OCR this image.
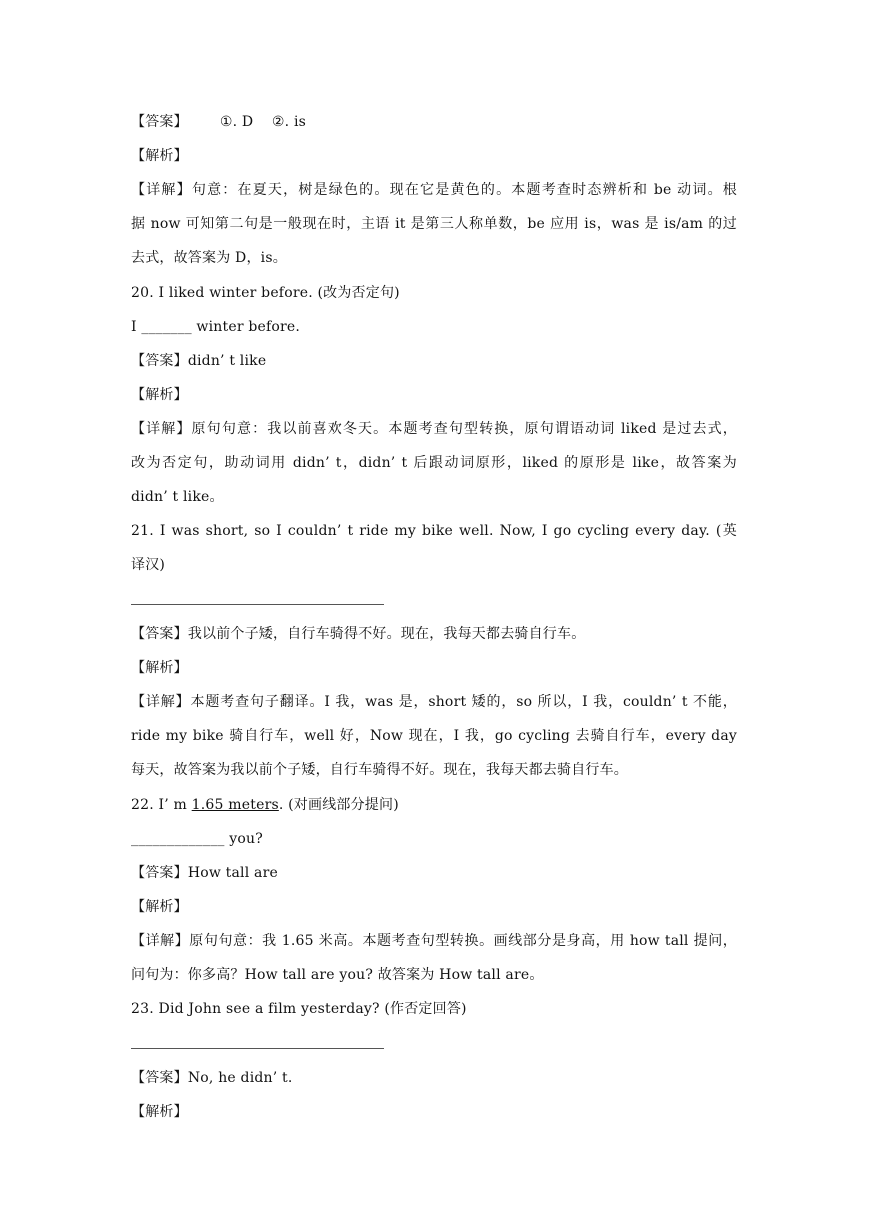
【答案】 ①. D    ②. is
【解析】
【详解】句意：在夏天，树是绿色的。现在它是黄色的。本题考查时态辨析和 be 动词。根
据 now 可知第二句是一般现在时，主语 it 是第三人称单数，be 应用 is，was 是 is/am 的过
去式，故答案为 D，is。
20. I liked winter before. (改为否定句)
I _______ winter before.
【答案】didn’ t like
【解析】
【详解】原句句意：我以前喜欢冬天。本题考查句型转换，原句谓语动词 liked 是过去式，
改为否定句，助动词用 didn’ t，didn’ t 后跟动词原形，liked 的原形是 like，故答案为
didn’ t like。
21. I was short, so I couldn’ t ride my bike well. Now, I go cycling every day. (英
译汉)
【答案】我以前个子矮，自行车骑得不好。现在，我每天都去骑自行车。
【解析】
【详解】本题考查句子翻译。I 我，was 是，short 矮的，so 所以，I 我，couldn’ t 不能，
ride my bike 骑自行车，well 好，Now 现在，I 我，go cycling 去骑自行车，every day
每天，故答案为我以前个子矮，自行车骑得不好。现在，我每天都去骑自行车。
22. I’ m 1.65 meters. (对画线部分提问)
_____________ you?
【答案】How tall are
【解析】
【详解】原句句意：我 1.65 米高。本题考查句型转换。画线部分是身高，用 how tall 提问，
问句为：你多高？How tall are you? 故答案为 How tall are。
23. Did John see a film yesterday? (作否定回答)
【答案】No, he didn’ t.
【解析】
